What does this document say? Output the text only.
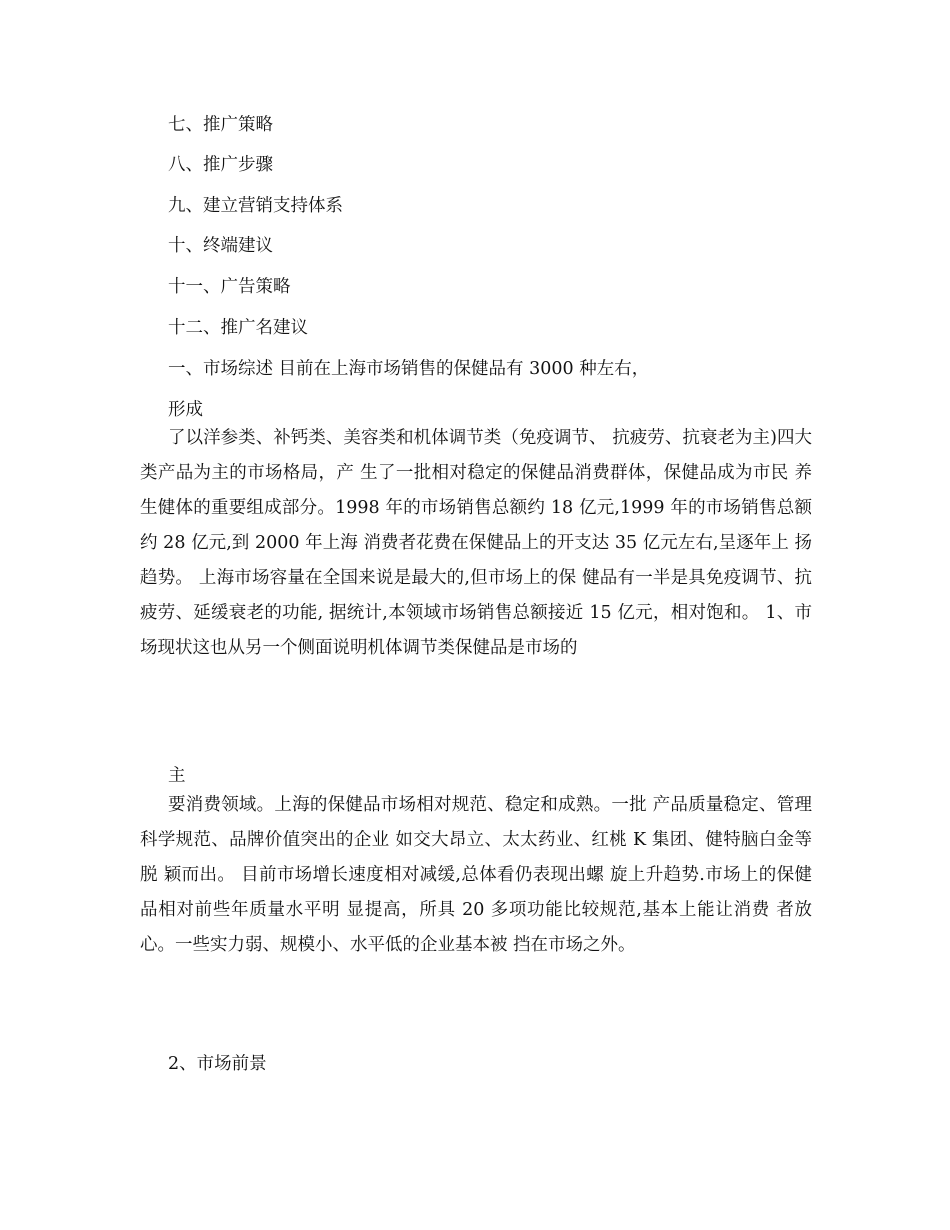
七、推广策略
八、推广步骤
九、建立营销支持体系
十、终端建议
十一、广告策略
十二、推广名建议
一、市场综述 目前在上海市场销售的保健品有 3000 种左右，
形成

了以洋参类、补钙类、美容类和机体调节类（免疫调节、 抗疲劳、抗衰老为主)四大类产品为主的市场格局，产 生了一批相对稳定的保健品消费群体，保健品成为市民 养生健体的重要组成部分。1998 年的市场销售总额约 18 亿元,1999 年的市场销售总额约 28 亿元,到 2000 年上海 消费者花费在保健品上的开支达 35 亿元左右,呈逐年上 扬趋势。 上海市场容量在全国来说是最大的,但市场上的保 健品有一半是具免疫调节、抗疲劳、延缓衰老的功能, 据统计,本领域市场销售总额接近 15 亿元，相对饱和。 1、市场现状这也从另一个侧面说明机体调节类保健品是市场的

主

要消费领域。上海的保健品市场相对规范、稳定和成熟。一批 产品质量稳定、管理科学规范、品牌价值突出的企业 如交大昂立、太太药业、红桃 K 集团、健特脑白金等脱 颖而出。 目前市场增长速度相对减缓,总体看仍表现出螺 旋上升趋势.市场上的保健品相对前些年质量水平明 显提高，所具 20 多项功能比较规范,基本上能让消费 者放心。一些实力弱、规模小、水平低的企业基本被 挡在市场之外。

2、市场前景
